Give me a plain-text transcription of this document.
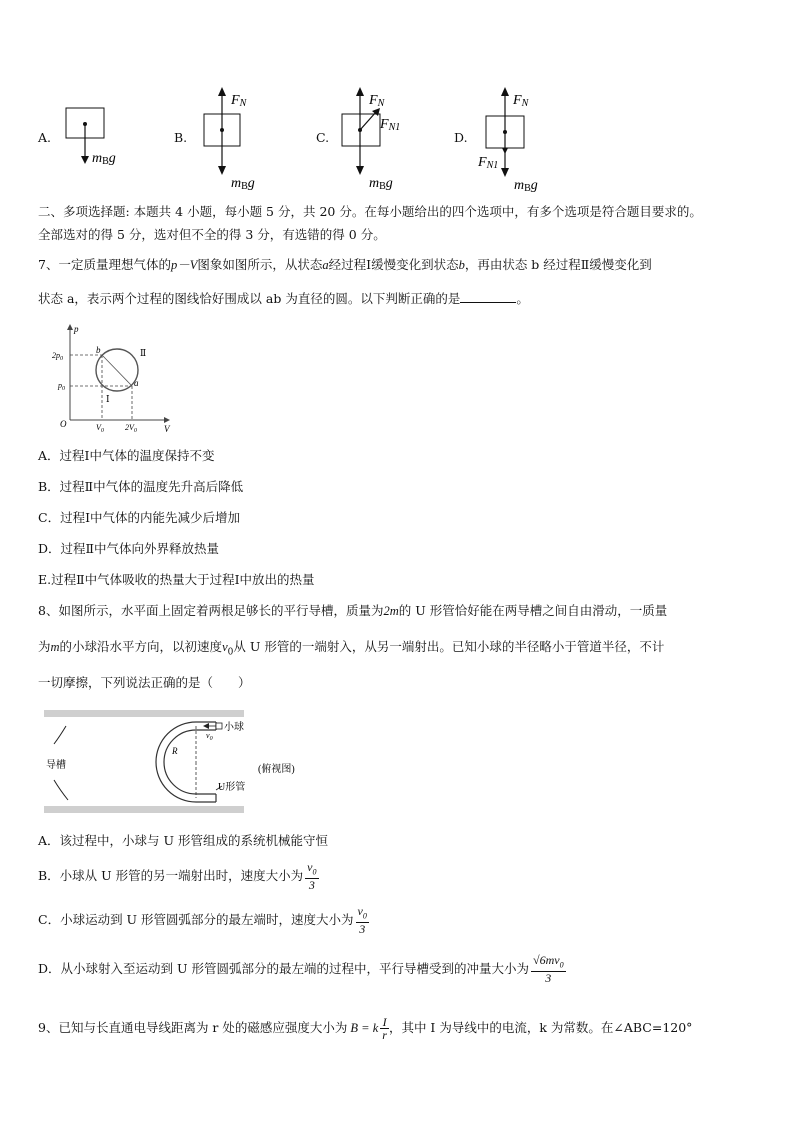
A.
mBg
B.
FN
mBg
C.
FN
FN1
mBg
D.
FN
FN1
mBg
二、多项选择题: 本题共 4 小题，每小题 5 分，共 20 分。在每小题给出的四个选项中，有多个选项是符合题目要求的。
全部选对的得 5 分，选对但不全的得 3 分，有选错的得 0 分。
7、一定质量理想气体的p－V图象如图所示，从状态a经过程Ⅰ缓慢变化到状态b，再由状态 b 经过程Ⅱ缓慢变化到
状态 a，表示两个过程的图线恰好围成以 ab 为直径的圆。以下判断正确的是	。
p
V
O
$2p_0$
$p_0$
$V_0$	$2V_0$
b
a
Ⅱ
Ⅰ
A．过程Ⅰ中气体的温度保持不变
B．过程Ⅱ中气体的温度先升高后降低
C．过程Ⅰ中气体的内能先减少后增加
D．过程Ⅱ中气体向外界释放热量
E.过程Ⅱ中气体吸收的热量大于过程Ⅰ中放出的热量
8、如图所示，水平面上固定着两根足够长的平行导槽，质量为2m的 U 形管恰好能在两导槽之间自由滑动，一质量
为m的小球沿水平方向，以初速度$v_0$从 U 形管的一端射入，从另一端射出。已知小球的半径略小于管道半径，不计
一切摩擦，下列说法正确的是（　　）
导槽
R
小球
$v_0$
U形管
(俯视图)
A．该过程中，小球与 U 形管组成的系统机械能守恒
B．小球从 U 形管的另一端射出时，速度大小为 $\frac{v_0}{3}$
C．小球运动到 U 形管圆弧部分的最左端时，速度大小为 $\frac{v_0}{3}$
D．从小球射入至运动到 U 形管圆弧部分的最左端的过程中，平行导槽受到的冲量大小为 $\frac{√6mv_0}{3}$
9、已知与长直通电导线距离为 r 处的磁感应强度大小为 B = k $\frac{I}{r}$ ，其中 I 为导线中的电流，k 为常数。在∠ABC=120°
